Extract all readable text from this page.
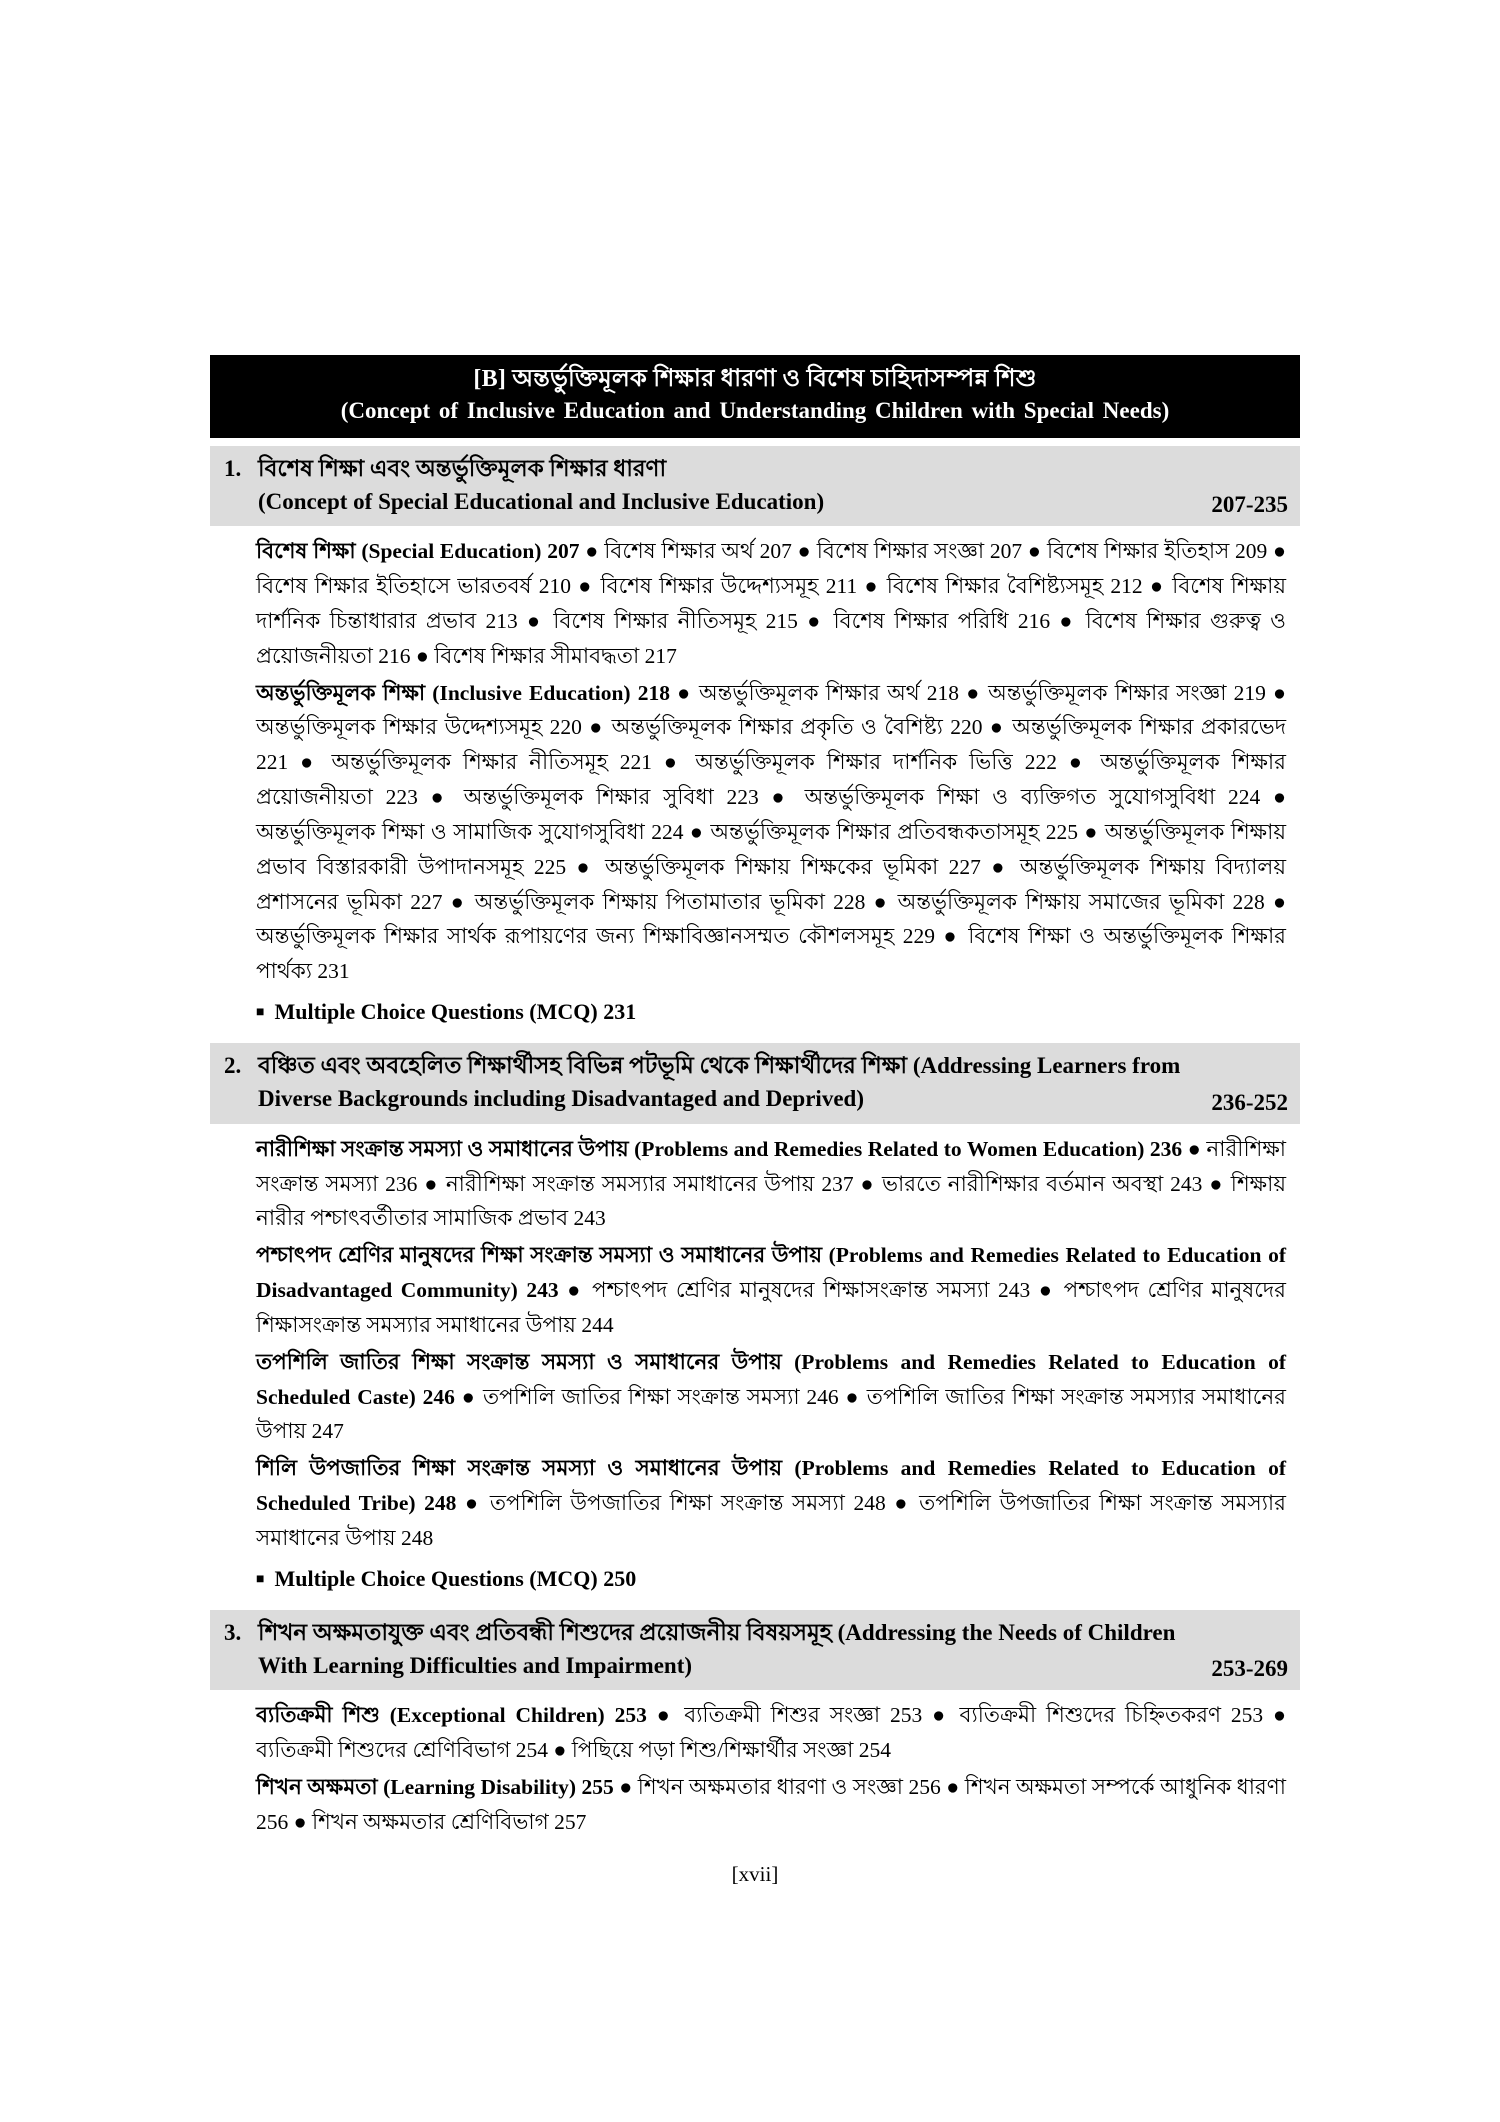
[B] অন্তর্ভুক্তিমূলক শিক্ষার ধারণা ও বিশেষ চাহিদাসম্পন্ন শিশু
(Concept of Inclusive Education and Understanding Children with Special Needs)
1. বিশেষ শিক্ষা এবং অন্তর্ভুক্তিমূলক শিক্ষার ধারণা
(Concept of Special Educational and Inclusive Education)	207-235

বিশেষ শিক্ষা (Special Education) 207 ● বিশেষ শিক্ষার অর্থ 207 ● বিশেষ শিক্ষার সংজ্ঞা 207 ● বিশেষ শিক্ষার ইতিহাস 209 ● বিশেষ শিক্ষার ইতিহাসে ভারতবর্ষ 210 ● বিশেষ শিক্ষার উদ্দেশ্যসমূহ 211 ● বিশেষ শিক্ষার বৈশিষ্ট্যসমূহ 212 ● বিশেষ শিক্ষায় দার্শনিক চিন্তাধারার প্রভাব 213 ● বিশেষ শিক্ষার নীতিসমূহ 215 ● বিশেষ শিক্ষার পরিধি 216 ● বিশেষ শিক্ষার গুরুত্ব ও প্রয়োজনীয়তা 216 ● বিশেষ শিক্ষার সীমাবদ্ধতা 217

অন্তর্ভুক্তিমূলক শিক্ষা (Inclusive Education) 218 ● অন্তর্ভুক্তিমূলক শিক্ষার অর্থ 218 ● অন্তর্ভুক্তিমূলক শিক্ষার সংজ্ঞা 219 ● অন্তর্ভুক্তিমূলক শিক্ষার উদ্দেশ্যসমূহ 220 ● অন্তর্ভুক্তিমূলক শিক্ষার প্রকৃতি ও বৈশিষ্ট্য 220 ● অন্তর্ভুক্তিমূলক শিক্ষার প্রকারভেদ 221 ● অন্তর্ভুক্তিমূলক শিক্ষার নীতিসমূহ 221 ● অন্তর্ভুক্তিমূলক শিক্ষার দার্শনিক ভিত্তি 222 ● অন্তর্ভুক্তিমূলক শিক্ষার প্রয়োজনীয়তা 223 ● অন্তর্ভুক্তিমূলক শিক্ষার সুবিধা 223 ● অন্তর্ভুক্তিমূলক শিক্ষা ও ব্যক্তিগত সুযোগসুবিধা 224 ● অন্তর্ভুক্তিমূলক শিক্ষা ও সামাজিক সুযোগসুবিধা 224 ● অন্তর্ভুক্তিমূলক শিক্ষার প্রতিবন্ধকতাসমূহ 225 ● অন্তর্ভুক্তিমূলক শিক্ষায় প্রভাব বিস্তারকারী উপাদানসমূহ 225 ● অন্তর্ভুক্তিমূলক শিক্ষায় শিক্ষকের ভূমিকা 227 ● অন্তর্ভুক্তিমূলক শিক্ষায় বিদ্যালয় প্রশাসনের ভূমিকা 227 ● অন্তর্ভুক্তিমূলক শিক্ষায় পিতামাতার ভূমিকা 228 ● অন্তর্ভুক্তিমূলক শিক্ষায় সমাজের ভূমিকা 228 ● অন্তর্ভুক্তিমূলক শিক্ষার সার্থক রূপায়ণের জন্য শিক্ষাবিজ্ঞানসম্মত কৌশলসমূহ 229 ● বিশেষ শিক্ষা ও অন্তর্ভুক্তিমূলক শিক্ষার পার্থক্য 231

■ Multiple Choice Questions (MCQ) 231
2. বঞ্চিত এবং অবহেলিত শিক্ষার্থীসহ বিভিন্ন পটভূমি থেকে শিক্ষার্থীদের শিক্ষা (Addressing Learners from Diverse Backgrounds including Disadvantaged and Deprived)	236-252

নারীশিক্ষা সংক্রান্ত সমস্যা ও সমাধানের উপায় (Problems and Remedies Related to Women Education) 236 ● নারীশিক্ষা সংক্রান্ত সমস্যা 236 ● নারীশিক্ষা সংক্রান্ত সমস্যার সমাধানের উপায় 237 ● ভারতে নারীশিক্ষার বর্তমান অবস্থা 243 ● শিক্ষায় নারীর পশ্চাৎবর্তীতার সামাজিক প্রভাব 243

পশ্চাৎপদ শ্রেণির মানুষদের শিক্ষা সংক্রান্ত সমস্যা ও সমাধানের উপায় (Problems and Remedies Related to Education of Disadvantaged Community) 243 ● পশ্চাৎপদ শ্রেণির মানুষদের শিক্ষাসংক্রান্ত সমস্যা 243 ● পশ্চাৎপদ শ্রেণির মানুষদের শিক্ষাসংক্রান্ত সমস্যার সমাধানের উপায় 244

তপশিলি জাতির শিক্ষা সংক্রান্ত সমস্যা ও সমাধানের উপায় (Problems and Remedies Related to Education of Scheduled Caste) 246 ● তপশিলি জাতির শিক্ষা সংক্রান্ত সমস্যা 246 ● তপশিলি জাতির শিক্ষা সংক্রান্ত সমস্যার সমাধানের উপায় 247

শিলি উপজাতির শিক্ষা সংক্রান্ত সমস্যা ও সমাধানের উপায় (Problems and Remedies Related to Education of Scheduled Tribe) 248 ● তপশিলি উপজাতির শিক্ষা সংক্রান্ত সমস্যা 248 ● তপশিলি উপজাতির শিক্ষা সংক্রান্ত সমস্যার সমাধানের উপায় 248

■ Multiple Choice Questions (MCQ) 250
3. শিখন অক্ষমতাযুক্ত এবং প্রতিবন্ধী শিশুদের প্রয়োজনীয় বিষয়সমূহ (Addressing the Needs of Children With Learning Difficulties and Impairment)	253-269

ব্যতিক্রমী শিশু (Exceptional Children) 253 ● ব্যতিক্রমী শিশুর সংজ্ঞা 253 ● ব্যতিক্রমী শিশুদের চিহ্নিতকরণ 253 ● ব্যতিক্রমী শিশুদের শ্রেণিবিভাগ 254 ● পিছিয়ে পড়া শিশু/শিক্ষার্থীর সংজ্ঞা 254

শিখন অক্ষমতা (Learning Disability) 255 ● শিখন অক্ষমতার ধারণা ও সংজ্ঞা 256 ● শিখন অক্ষমতা সম্পর্কে আধুনিক ধারণা 256 ● শিখন অক্ষমতার শ্রেণিবিভাগ 257

[xvii]
